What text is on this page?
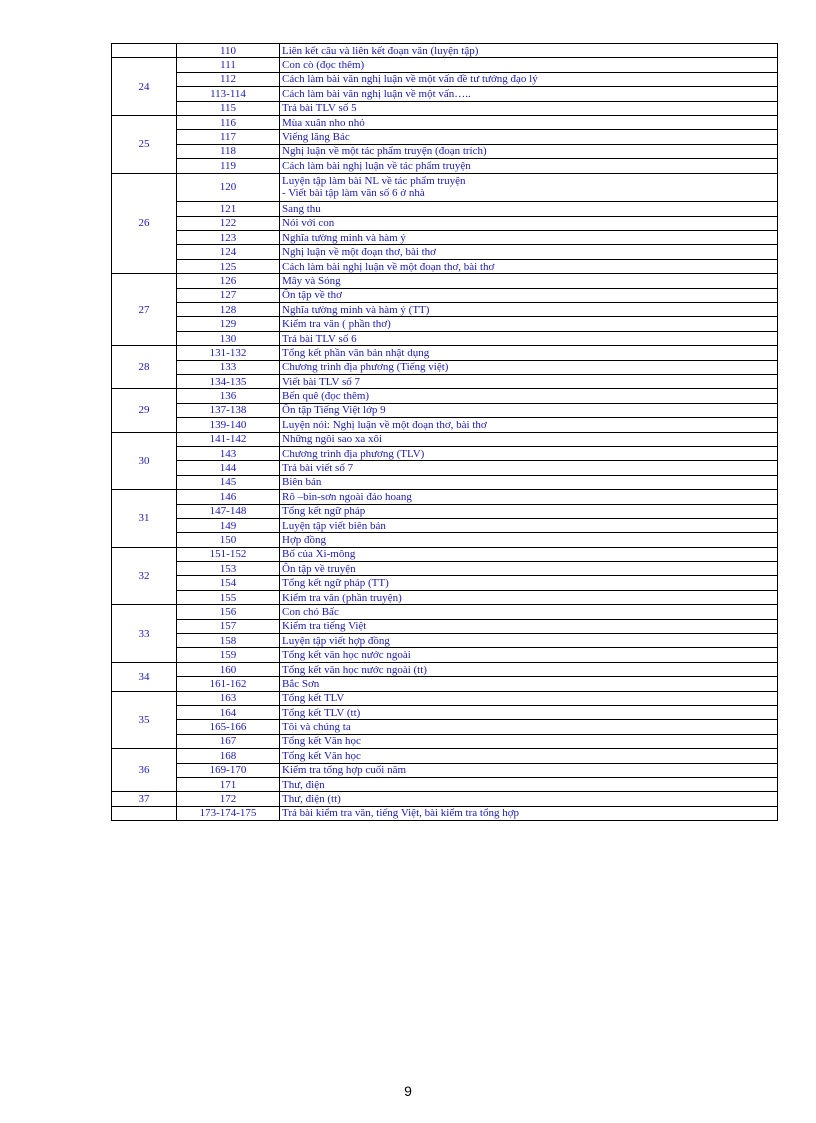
	110	Liên kết câu và liên kết đoạn văn (luyện tập)
24	111	Con cò (đọc thêm)
	112	Cách làm bài văn nghị luận về một vấn đề tư tưởng đạo lý
	113-114	Cách làm bài văn nghị luận về một vấn…..
	115	Trả bài TLV số 5
25	116	Mùa xuân nho nhỏ
	117	Viếng lăng Bác
	118	Nghị luận về một tác phẩm truyện (đoạn trích)
	119	Cách làm bài nghị luận về tác phẩm truyện
26	120	Luyện tập làm bài NL về tác phẩm truyện
- Viết bài tập làm văn số 6 ở nhà

	121	Sang thu
	122	Nói với con
	123	Nghĩa tường minh và hàm ý
	124	Nghị luận về một đoạn thơ, bài thơ
	125	Cách làm bài nghị luận về một đoạn thơ, bài thơ
27	126	Mây và Sóng
	127	Ôn tập về thơ
	128	Nghĩa tường minh và hàm ý (TT)
	129	Kiểm tra văn ( phần thơ)
	130	Trả bài TLV số 6
28	131-132	Tổng kết phần văn bản nhật dụng
	133	Chương trình địa phương (Tiếng việt)
	134-135	Viết bài TLV số 7
29	136	Bến quê (đọc thêm)
	137-138	Ôn tập Tiếng Việt lớp 9
	139-140	Luyện nói: Nghị luận về một đoạn thơ, bài thơ
30	141-142	Những ngôi sao xa xôi
	143	Chương trình địa phương (TLV)
	144	Trả bài viết số 7
	145	Biên bản
31	146	Rô –bin-sơn ngoài đảo hoang
	147-148	Tổng kết ngữ pháp
	149	Luyện tập viết biên bản
	150	Hợp đồng
32	151-152	Bố của Xi-mông
	153	Ôn tập về truyện
	154	Tổng kết ngữ pháp (TT)
	155	Kiểm tra văn (phần truyện)
33	156	Con chó Bấc
	157	Kiểm tra tiếng Việt
	158	Luyện tập viết hợp đồng
	159	Tổng kết văn học nước ngoài
34	160	Tổng kết văn học nước ngoài (tt)
	161-162	Bắc Sơn
35	163	Tổng kết TLV
	164	Tổng kết TLV (tt)
	165-166	Tôi và chúng ta
	167	Tổng kết Văn học
36	168	Tổng kết Văn học
	169-170	Kiểm tra tổng hợp cuối năm
	171	Thư, điện
37	172	Thư, điện (tt)
	173-174-175	Trả bài kiểm tra văn, tiếng Việt, bài kiểm tra tổng hợp
9
